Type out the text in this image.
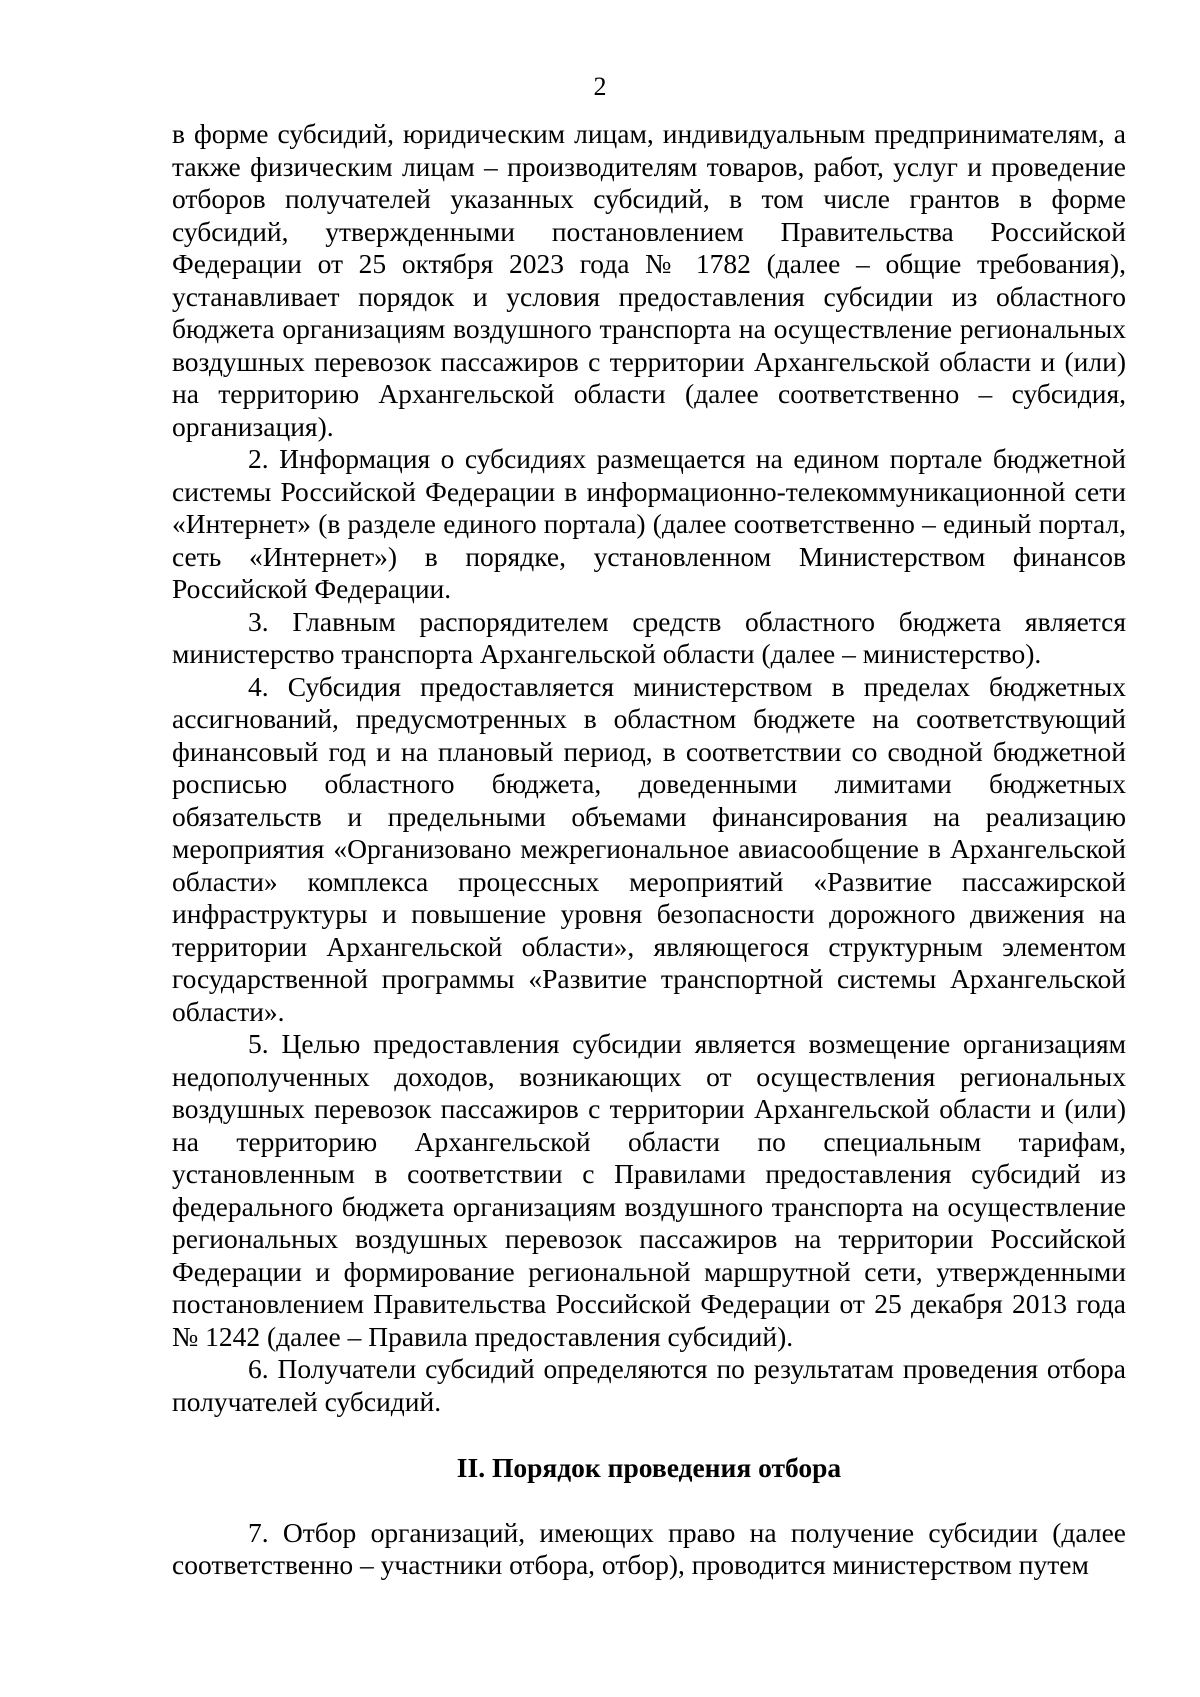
2

в форме субсидий, юридическим лицам, индивидуальным предпринимателям, а также физическим лицам – производителям товаров, работ, услуг и проведение отборов получателей указанных субсидий, в том числе грантов в форме субсидий, утвержденными постановлением Правительства Российской Федерации от 25 октября 2023 года № 1782 (далее – общие требования), устанавливает порядок и условия предоставления субсидии из областного бюджета организациям воздушного транспорта на осуществление региональных воздушных перевозок пассажиров с территории Архангельской области и (или) на территорию Архангельской области (далее соответственно – субсидия, организация).

2. Информация о субсидиях размещается на едином портале бюджетной системы Российской Федерации в информационно-телекоммуникационной сети «Интернет» (в разделе единого портала) (далее соответственно – единый портал, сеть «Интернет») в порядке, установленном Министерством финансов Российской Федерации.

3. Главным распорядителем средств областного бюджета является министерство транспорта Архангельской области (далее – министерство).

4. Субсидия предоставляется министерством в пределах бюджетных ассигнований, предусмотренных в областном бюджете на соответствующий финансовый год и на плановый период, в соответствии со сводной бюджетной росписью областного бюджета, доведенными лимитами бюджетных обязательств и предельными объемами финансирования на реализацию мероприятия «Организовано межрегиональное авиасообщение в Архангельской области» комплекса процессных мероприятий «Развитие пассажирской инфраструктуры и повышение уровня безопасности дорожного движения на территории Архангельской области», являющегося структурным элементом государственной программы «Развитие транспортной системы Архангельской области».

5. Целью предоставления субсидии является возмещение организациям недополученных доходов, возникающих от осуществления региональных воздушных перевозок пассажиров с территории Архангельской области и (или) на территорию Архангельской области по специальным тарифам, установленным в соответствии с Правилами предоставления субсидий из федерального бюджета организациям воздушного транспорта на осуществление региональных воздушных перевозок пассажиров на территории Российской Федерации и формирование региональной маршрутной сети, утвержденными постановлением Правительства Российской Федерации от 25 декабря 2013 года № 1242 (далее – Правила предоставления субсидий).

6. Получатели субсидий определяются по результатам проведения отбора получателей субсидий.

II. Порядок проведения отбора

7. Отбор организаций, имеющих право на получение субсидии (далее соответственно – участники отбора, отбор), проводится министерством путем
